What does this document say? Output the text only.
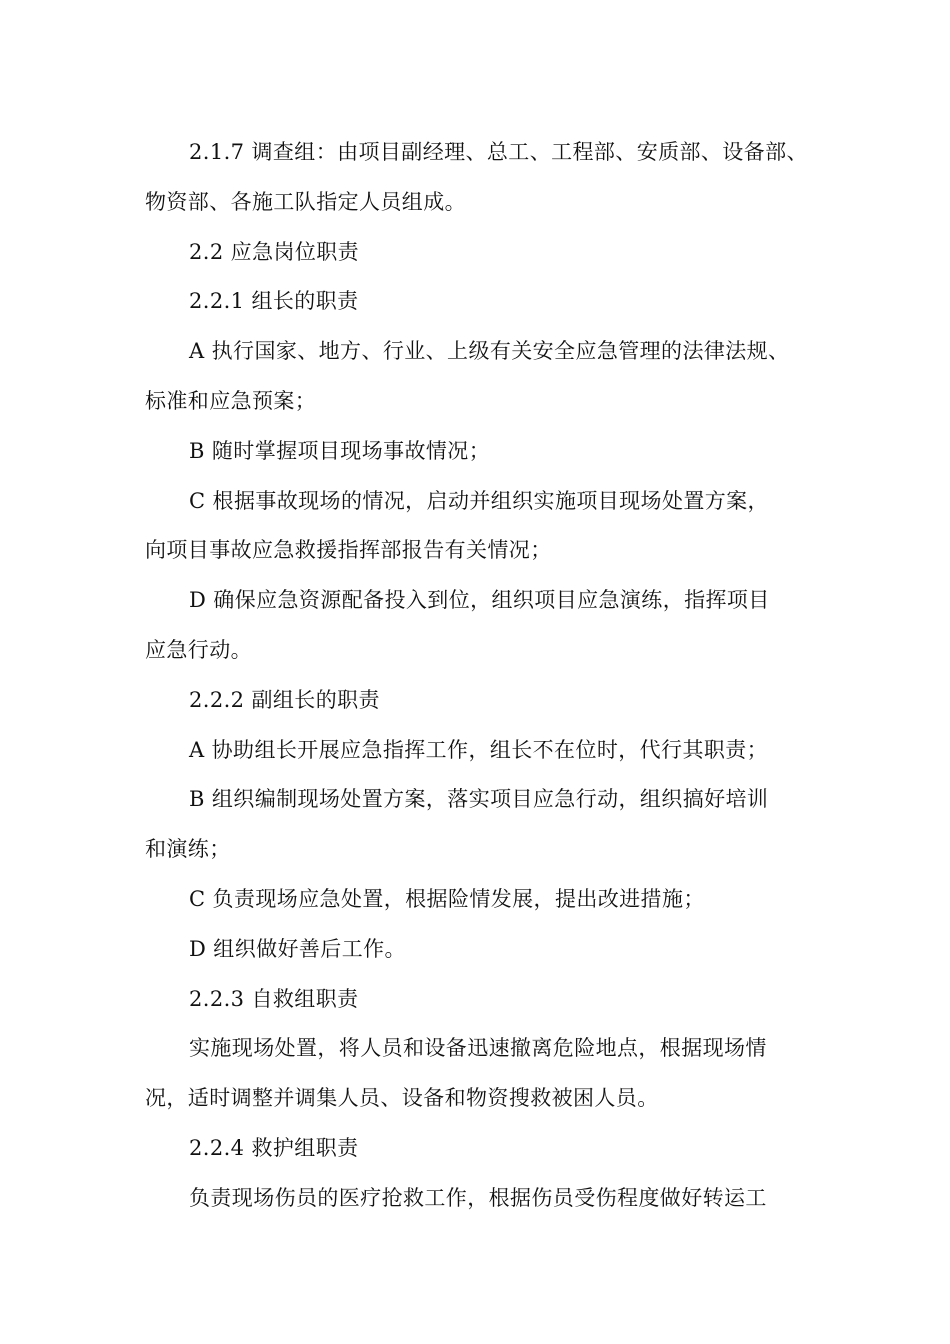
2.1.7 调查组：由项目副经理、总工、工程部、安质部、设备部、
物资部、各施工队指定人员组成。
2.2 应急岗位职责
2.2.1 组长的职责
A 执行国家、地方、行业、上级有关安全应急管理的法律法规、
标准和应急预案；
B 随时掌握项目现场事故情况；
C 根据事故现场的情况，启动并组织实施项目现场处置方案，
向项目事故应急救援指挥部报告有关情况；
D 确保应急资源配备投入到位，组织项目应急演练，指挥项目
应急行动。
2.2.2 副组长的职责
A 协助组长开展应急指挥工作，组长不在位时，代行其职责；
B 组织编制现场处置方案，落实项目应急行动，组织搞好培训
和演练；
C 负责现场应急处置，根据险情发展，提出改进措施；
D 组织做好善后工作。
2.2.3 自救组职责
实施现场处置，将人员和设备迅速撤离危险地点，根据现场情
况，适时调整并调集人员、设备和物资搜救被困人员。
2.2.4 救护组职责
负责现场伤员的医疗抢救工作，根据伤员受伤程度做好转运工
